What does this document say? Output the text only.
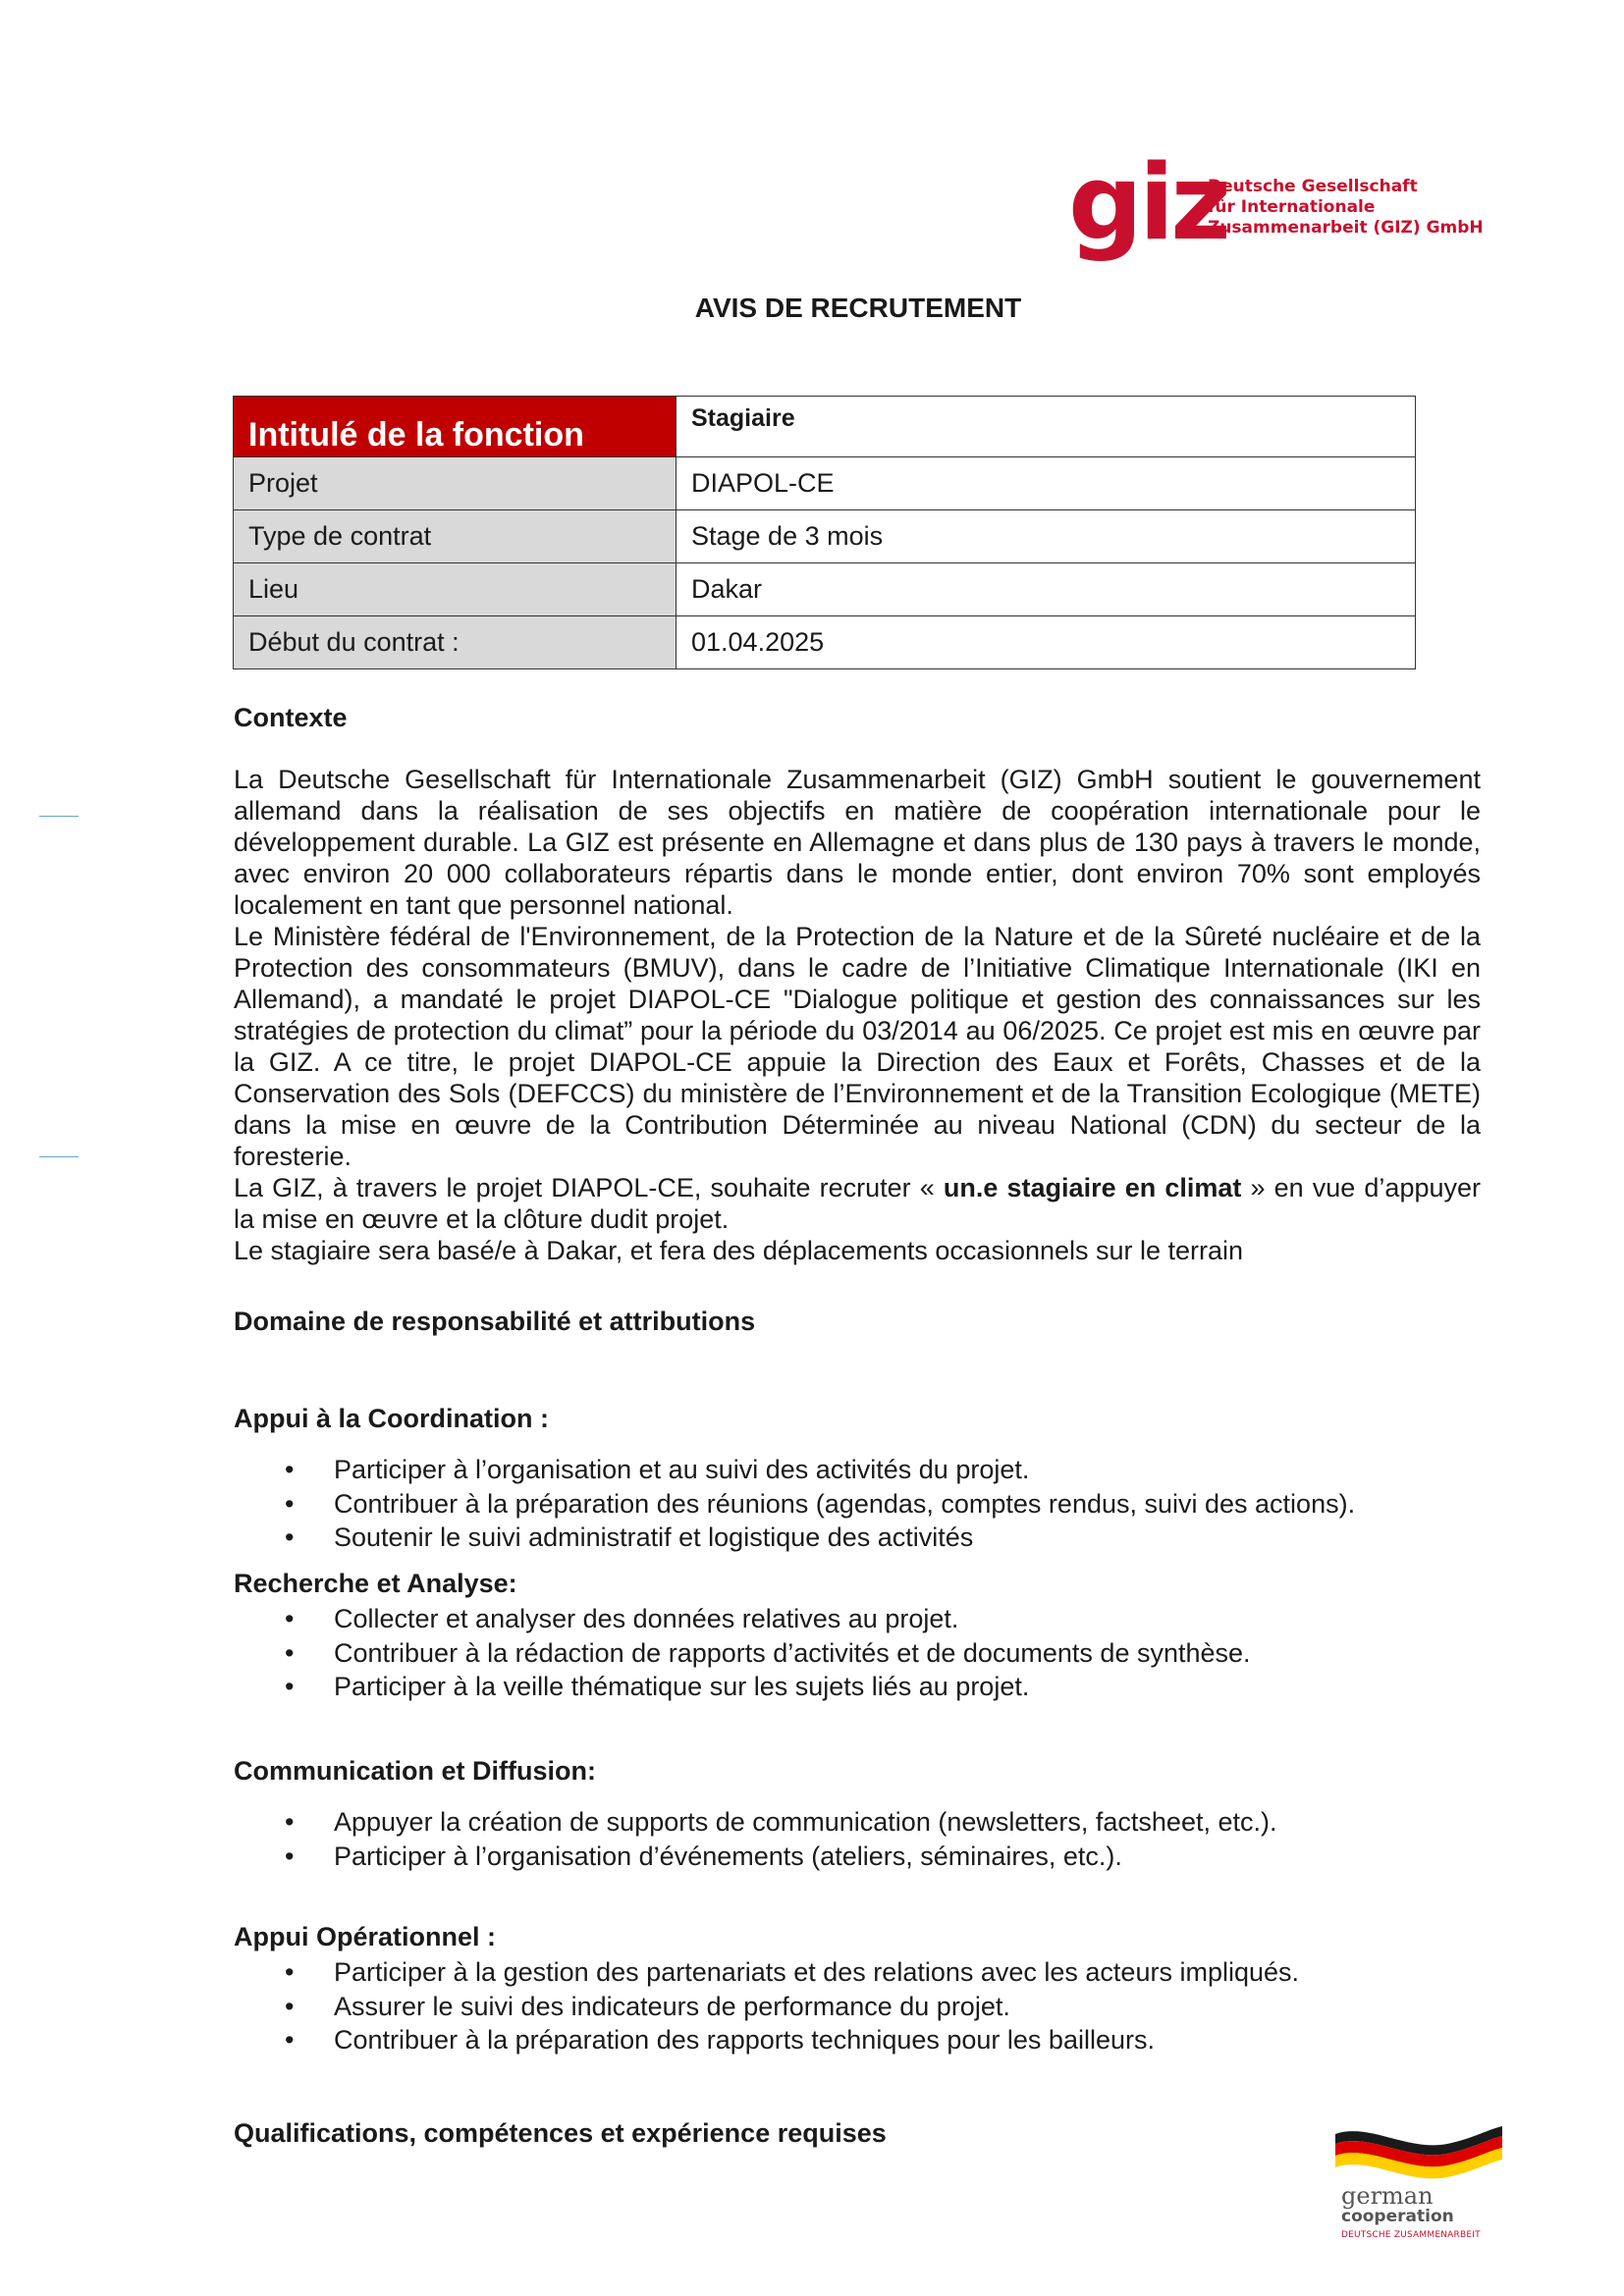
giz
Deutsche Gesellschaft
für Internationale
Zusammenarbeit (GIZ) GmbH
AVIS DE RECRUTEMENT
Intitulé de la fonction	Stagiaire
Projet	DIAPOL-CE
Type de contrat	Stage de 3 mois
Lieu	Dakar
Début du contrat :	01.04.2025
Contexte

La Deutsche Gesellschaft für Internationale Zusammenarbeit (GIZ) GmbH soutient le gouvernement allemand dans la réalisation de ses objectifs en matière de coopération internationale pour le développement durable. La GIZ est présente en Allemagne et dans plus de 130 pays à travers le monde, avec environ 20 000 collaborateurs répartis dans le monde entier, dont environ 70% sont employés localement en tant que personnel national.

Le Ministère fédéral de l'Environnement, de la Protection de la Nature et de la Sûreté nucléaire et de la Protection des consommateurs (BMUV), dans le cadre de l’Initiative Climatique Internationale (IKI en Allemand), a mandaté le projet DIAPOL-CE "Dialogue politique et gestion des connaissances sur les stratégies de protection du climat” pour la période du 03/2014 au 06/2025. Ce projet est mis en œuvre par la GIZ. A ce titre, le projet DIAPOL-CE appuie la Direction des Eaux et Forêts, Chasses et de la Conservation des Sols (DEFCCS) du ministère de l’Environnement et de la Transition Ecologique (METE) dans la mise en œuvre de la Contribution Déterminée au niveau National (CDN) du secteur de la foresterie.

La GIZ, à travers le projet DIAPOL-CE, souhaite recruter « un.e stagiaire en climat » en vue d’appuyer la mise en œuvre et la clôture dudit projet.

Le stagiaire sera basé/e à Dakar, et fera des déplacements occasionnels sur le terrain

Domaine de responsabilité et attributions
Appui à la Coordination :
• Participer à l’organisation et au suivi des activités du projet.
• Contribuer à la préparation des réunions (agendas, comptes rendus, suivi des actions).
• Soutenir le suivi administratif et logistique des activités
Recherche et Analyse:
• Collecter et analyser des données relatives au projet.
• Contribuer à la rédaction de rapports d’activités et de documents de synthèse.
• Participer à la veille thématique sur les sujets liés au projet.
Communication et Diffusion:
• Appuyer la création de supports de communication (newsletters, factsheet, etc.).
• Participer à l’organisation d’événements (ateliers, séminaires, etc.).
Appui Opérationnel :
• Participer à la gestion des partenariats et des relations avec les acteurs impliqués.
• Assurer le suivi des indicateurs de performance du projet.
• Contribuer à la préparation des rapports techniques pour les bailleurs.
Qualifications, compétences et expérience requises
german
cooperation
DEUTSCHE ZUSAMMENARBEIT
